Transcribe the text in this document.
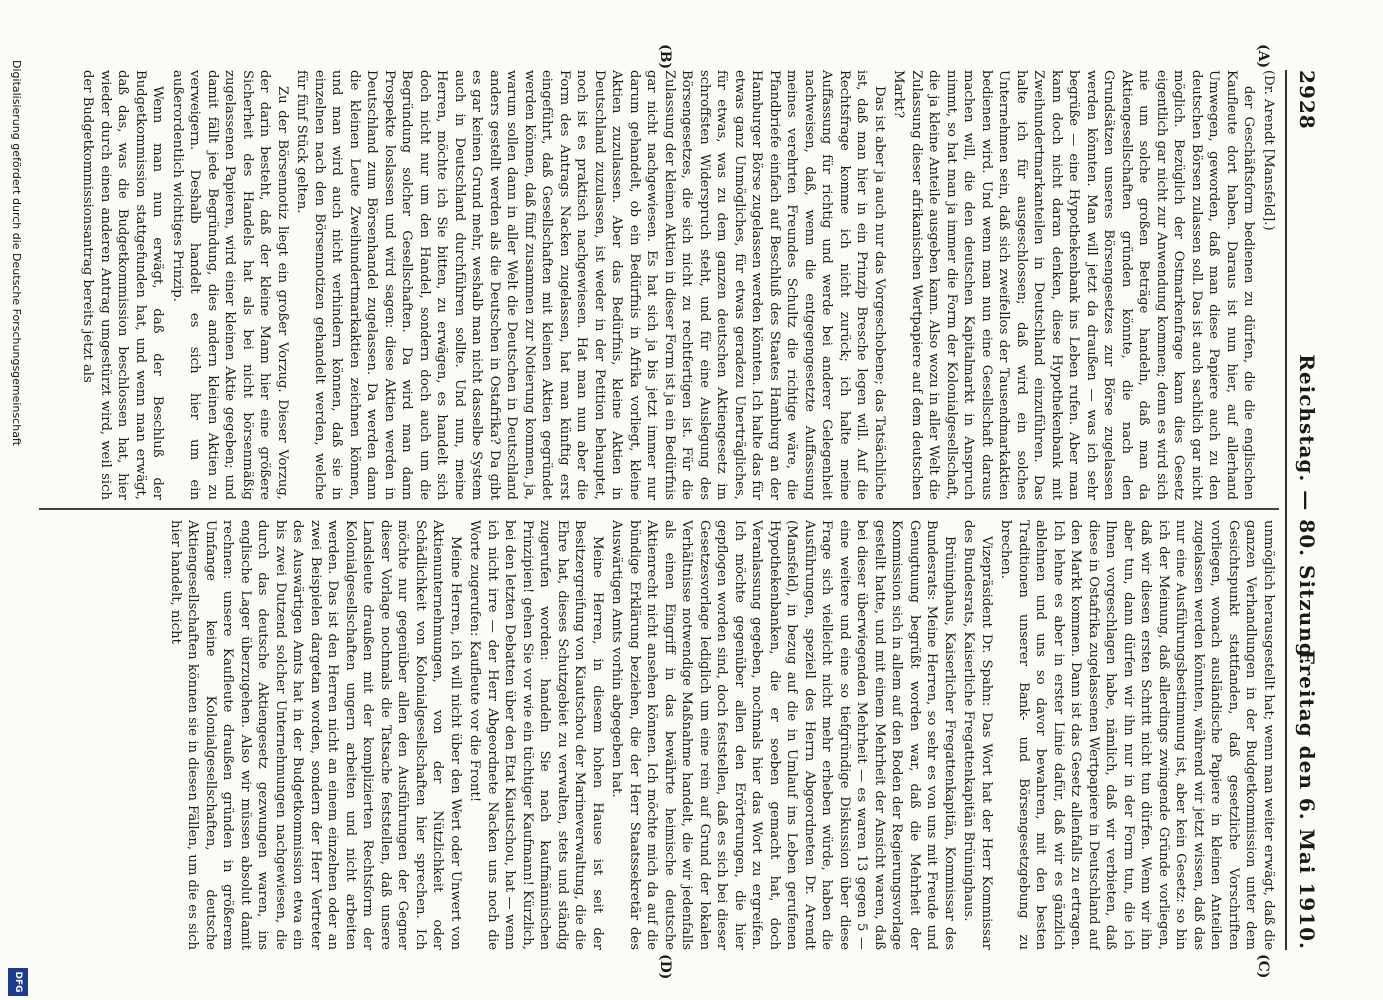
2928
Reichstag. — 80. Sitzung.
Freitag den 6. Mai 1910.
(A)
(B)
(C)
(D)

(Dr. Arendt [Mansfeld].)

der Geschäftsform bedienen zu dürfen, die die englischen Kaufleute dort haben. Daraus ist nun hier, auf allerhand Umwegen, geworden, daß man diese Papiere auch zu den deutschen Börsen zulassen soll. Das ist auch sachlich gar nicht möglich. Bezüglich der Ostmarkenfrage kann dies Gesetz eigentlich gar nicht zur Anwendung kommen; denn es wird sich nie um solche großen Beträge handeln, daß man da Aktiengesellschaften gründen könnte, die nach den Grundsätzen unseres Börsengesetzes zur Börse zugelassen werden könnten. Man will jetzt da draußen — was ich sehr begrüße — eine Hypothekenbank ins Leben rufen. Aber man kann doch nicht daran denken, diese Hypothekenbank mit Zweihundertmarkanteilen in Deutschland einzuführen. Das halte ich für ausgeschlossen; daß wird ein solches Unternehmen sein, daß sich zweifellos der Tausendmarkaktien bedienen wird. Und wenn man nun eine Gesellschaft daraus machen will, die den deutschen Kapitalmarkt in Anspruch nimmt, so hat man ja immer die Form der Kolonialgesellschaft, die ja kleine Anteile ausgeben kann. Also wozu in aller Welt die Zulassung dieser afrikanischen Wertpapiere auf dem deutschen Markt?

Das ist aber ja auch nur das Vorgeschobene; das Tatsächliche ist, daß man hier in ein Prinzip Bresche legen will. Auf die Rechtsfrage komme ich nicht zurück; ich halte meine Auffassung für richtig und werde bei anderer Gelegenheit nachweisen, daß, wenn die entgegengesetzte Auffassung meines verehrten Freundes Schultz die richtige wäre, die Pfandbriefe einfach auf Beschluß des Staates Hamburg an der Hamburger Börse zugelassen werden könnten. Ich halte das für etwas ganz Unmögliches, für etwas geradezu Unerträgliches, für etwas, was zu dem ganzen deutschen Aktiengesetz im schroffsten Widerspruch steht, und für eine Auslegung des Börsengesetzes, die sich nicht zu rechtfertigen ist. Für die Zulassung der kleinen Aktien in dieser Form ist ja ein Bedürfnis gar nicht nachgewiesen. Es hat sich ja bis jetzt immer nur darum gehandelt, ob ein Bedürfnis in Afrika vorliegt, kleine Aktien zuzulassen. Aber das Bedürfnis, kleine Aktien in Deutschland zuzulassen, ist weder in der Petition behauptet, noch ist es praktisch nachgewiesen. Hat man nun aber die Form des Antrags Nacken zugelassen, hat man künftig erst eingeführt, daß Gesellschaften mit kleinen Aktien gegründet werden können, daß fünf zusammen zur Notierung kommen, ja, warum sollen dann in aller Welt die Deutschen in Deutschland anders gestellt werden als die Deutschen in Ostafrika? Da gibt es gar keinen Grund mehr, weshalb man nicht dasselbe System auch in Deutschland durchführen sollte. Und nun, meine Herren, möchte ich Sie bitten, zu erwägen, es handelt sich doch nicht nur um den Handel, sondern doch auch um die Begründung solcher Gesellschaften. Da wird man dann Prospekte loslassen und wird sagen: diese Aktien werden in Deutschland zum Börsenhandel zugelassen. Da werden dann die kleinen Leute Zweihundertmarkaktien zeichnen können, und man wird auch nicht verhindern können, daß sie in einzelnen nach den Börsennotizen gehandelt werden, welche für fünf Stück gelten.

Zu der Börsennotiz liegt ein großer Vorzug. Dieser Vorzug, der darin besteht, daß der kleine Mann hier eine größere Sicherheit des Handels hat als bei nicht börsenmäßig zugelassenen Papieren, wird einer kleinen Aktie gegeben; und damit fällt jede Begründung, dies andern kleinen Aktien zu verweigern. Deshalb handelt es sich hier um ein außerordentlich wichtiges Prinzip.

Wenn man nun erwägt, daß der Beschluß der Budgetkommission stattgefunden hat, und wenn man erwägt, daß das, was die Budgetkommission beschlossen hat, hier wieder durch einen anderen Antrag umgestürzt wird, weil sich der Budgetkommissionsantrag bereits jetzt als

unmöglich herausgestellt hat; wenn man weiter erwägt, daß die ganzen Verhandlungen in der Budgetkommission unter dem Gesichtspunkt stattfanden, daß gesetzliche Vorschriften vorliegen, wonach ausländische Papiere in kleinen Anteilen zugelassen werden könnten, während wir jetzt wissen, daß das nur eine Ausführungsbestimmung ist, aber kein Gesetz: so bin ich der Meinung, daß allerdings zwingende Gründe vorliegen, daß wir diesen ersten Schritt nicht tun dürfen. Wenn wir ihn aber tun, dann dürfen wir ihn nur in der Form tun, die ich Ihnen vorgeschlagen habe, nämlich, daß wir verbieten, daß diese in Ostafrika zugelassenen Wertpapiere in Deutschland auf den Markt kommen. Dann ist das Gesetz allenfalls zu ertragen. Ich lehne es aber in erster Linie dafür, daß wir es gänzlich ablehnen und uns so davor bewahren, mit den besten Traditionen unserer Bank- und Börsengesetzgebung zu brechen.

Vizepräsident Dr. Spahn: Das Wort hat der Herr Kommissar des Bundesrats, Kaiserliche Fregattenkapitän Brüninghaus.

Brüninghaus, Kaiserlicher Fregattenkapitän, Kommissar des Bundesrats: Meine Herren, so sehr es von uns mit Freude und Genugtuung begrüßt worden war, daß die Mehrheit der Kommission sich in allem auf den Boden der Regierungsvorlage gestellt hatte, und mit einem Mehrheit der Ansicht waren, daß bei dieser überwiegenden Mehrheit — es waren 13 gegen 5 — eine weitere und eine so tiefgründige Diskussion über diese Frage sich vielleicht nicht mehr erheben würde, haben die Ausführungen, speziell des Herrn Abgeordneten Dr. Arendt (Mansfeld), in bezug auf die in Umlauf ins Leben gerufenen Hypothekenbanken, die er soeben gemacht hat, doch Veranlassung gegeben, nochmals hier das Wort zu ergreifen. Ich möchte gegenüber allen den Erörterungen, die hier gepflogen worden sind, doch feststellen, daß es sich bei dieser Gesetzesvorlage lediglich um eine rein auf Grund der lokalen Verhältnisse notwendige Maßnahme handelt, die wir jedenfalls als einen Eingriff in das bewährte heimische deutsche Aktienrecht nicht ansehen können. Ich möchte mich da auf die bündige Erklärung beziehen, die der Herr Staatssekretär des Auswärtigen Amts vorhin abgegeben hat.

Meine Herren, in diesem hohen Hause ist seit der Besitzergreifung von Kiautschou der Marineverwaltung, die die Ehre hat, dieses Schutzgebiet zu verwalten, stets und ständig zugerufen worden: handeln Sie nach kaufmännischen Prinzipien! gehen Sie vor wie ein tüchtiger Kaufmann! Kürzlich, bei den letzten Debatten über den Etat Kiautschou, hat — wenn ich nicht irre — der Herr Abgeordnete Nacken uns noch die Worte zugerufen: Kaufleute vor die Front!

Meine Herren, ich will nicht über den Wert oder Unwert von Aktienunternehmungen, von der Nützlichkeit oder Schädlichkeit von Kolonialgesellschaften hier sprechen. Ich möchte nur gegenüber allen den Ausführungen der Gegner dieser Vorlage nochmals die Tatsache feststellen, daß unsere Landsleute draußen mit der komplizierten Rechtsform der Kolonialgesellschaften ungern arbeiten und nicht arbeiten werden. Das ist den Herren nicht an einem einzelnen oder an zwei Beispielen dargetan worden, sondern der Herr Vertreter des Auswärtigen Amts hat in der Budgetkommission etwa ein bis zwei Dutzend solcher Unternehmungen nachgewiesen, die durch das deutsche Aktiengesetz gezwungen waren, ins englische Lager überzugehen. Also wir müssen absolut damit rechnen: unsere Kaufleute draußen gründen in größerem Umfange keine Kolonialgesellschaften, deutsche Aktiengesellschaften können sie in diesen Fällen, um die es sich hier handelt, nicht

Digitalisierung gefördert durch die Deutsche Forschungsgemeinschaft
DFG
